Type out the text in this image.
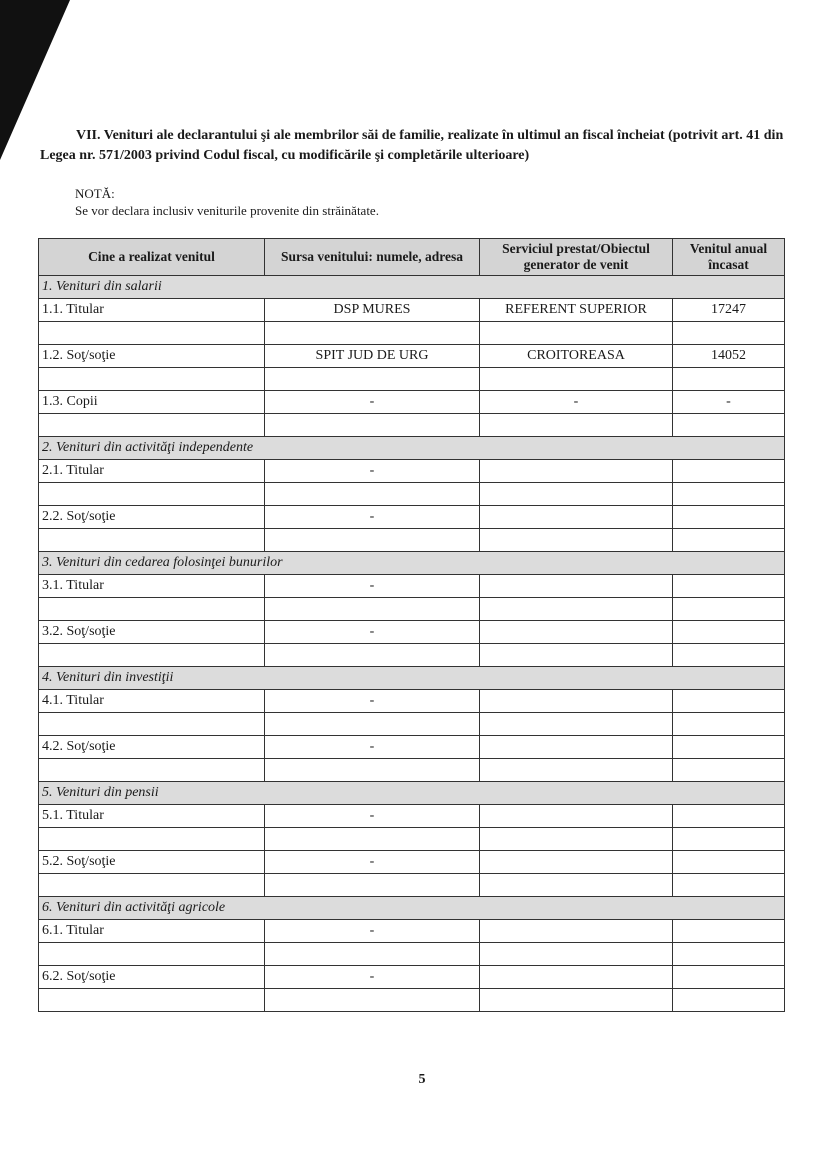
VII. Venituri ale declarantului şi ale membrilor săi de familie, realizate în ultimul an fiscal încheiat (potrivit art. 41 din Legea nr. 571/2003 privind Codul fiscal, cu modificările şi completările ulterioare)
NOTĂ:
Se vor declara inclusiv veniturile provenite din străinătate.
Cine a realizat venitul	Sursa venitului: numele, adresa	Serviciul prestat/Obiectul generator de venit	Venitul anual încasat
1. Venituri din salarii			
1.1. Titular	DSP MURES	REFERENT SUPERIOR	17247

1.2. Soţ/soţie	SPIT JUD DE URG	CROITOREASA	14052

1.3. Copii	-	-	-

2. Venituri din activităţi independente			
2.1. Titular	-		

2.2. Soţ/soţie	-		

3. Venituri din cedarea folosinţei bunurilor			
3.1. Titular	-		

3.2. Soţ/soţie	-		

4. Venituri din investiţii			
4.1. Titular	-		

4.2. Soţ/soţie	-		

5. Venituri din pensii			
5.1. Titular	-		

5.2. Soţ/soţie	-		

6. Venituri din activităţi agricole			
6.1. Titular	-		

6.2. Soţ/soţie	-		

5
